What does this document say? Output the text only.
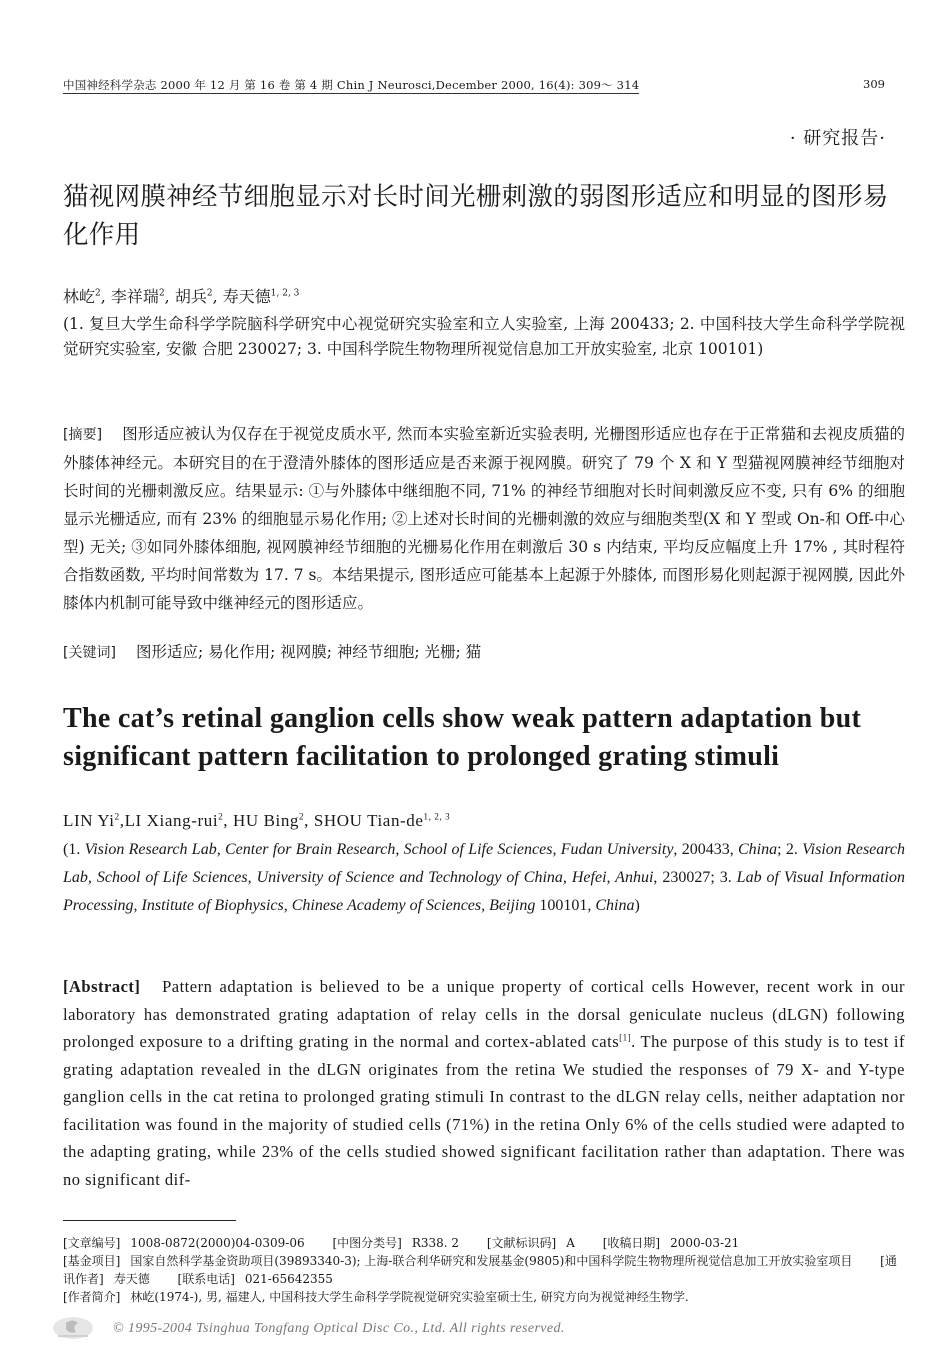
中国神经科学杂志 2000 年 12 月 第 16 卷 第 4 期 Chin J Neurosci,December 2000, 16(4): 309～ 314	309
· 研究报告·
猫视网膜神经节细胞显示对长时间光栅刺激的弱图形适应和明显的图形易化作用
林屹$^2$, 李祥瑞$^2$, 胡兵$^2$, 寿天德$^{1, 2, 3}$
(1. 复旦大学生命科学学院脑科学研究中心视觉研究实验室和立人实验室, 上海 200433; 2. 中国科技大学生命科学学院视觉研究实验室, 安徽 合肥 230027; 3. 中国科学院生物物理所视觉信息加工开放实验室, 北京 100101)
[摘要] 图形适应被认为仅存在于视觉皮质水平, 然而本实验室新近实验表明, 光栅图形适应也存在于正常猫和去视皮质猫的外膝体神经元。本研究目的在于澄清外膝体的图形适应是否来源于视网膜。研究了 79 个 X 和 Y 型猫视网膜神经节细胞对长时间的光栅刺激反应。结果显示: ①与外膝体中继细胞不同, 71% 的神经节细胞对长时间刺激反应不变, 只有 6% 的细胞显示光栅适应, 而有 23% 的细胞显示易化作用; ②上述对长时间的光栅刺激的效应与细胞类型(X 和 Y 型或 On-和 Off-中心型) 无关; ③如同外膝体细胞, 视网膜神经节细胞的光栅易化作用在刺激后 30 s 内结束, 平均反应幅度上升 17% , 其时程符合指数函数, 平均时间常数为 17. 7 s。本结果提示, 图形适应可能基本上起源于外膝体, 而图形易化则起源于视网膜, 因此外膝体内机制可能导致中继神经元的图形适应。
[关键词] 图形适应; 易化作用; 视网膜; 神经节细胞; 光栅; 猫
The cat’s retinal ganglion cells show weak pattern adaptation but significant pattern facilitation to prolonged grating stimuli
LIN Yi$^2$,LI Xiang-rui$^2$, HU Bing$^2$, SHOU Tian-de$^{1, 2, 3}$
(1. Vision Research Lab, Center for Brain Research, School of Life Sciences, Fudan University, 200433, China; 2. Vision Research Lab, School of Life Sciences, University of Science and Technology of China, Hefei, Anhui, 230027; 3. Lab of Visual Information Processing, Institute of Biophysics, Chinese Academy of Sciences, Beijing 100101, China)
[Abstract] Pattern adaptation is believed to be a unique property of cortical cells However, recent work in our laboratory has demonstrated grating adaptation of relay cells in the dorsal geniculate nucleus (dLGN) following prolonged exposure to a drifting grating in the normal and cortex-ablated cats[1]. The purpose of this study is to test if grating adaptation revealed in the dLGN originates from the retina We studied the responses of 79 X- and Y-type ganglion cells in the cat retina to prolonged grating stimuli In contrast to the dLGN relay cells, neither adaptation nor facilitation was found in the majority of studied cells (71%) in the retina Only 6% of the cells studied were adapted to the adapting grating, while 23% of the cells studied showed significant facilitation rather than adaptation. There was no significant dif-
[文章编号] 1008-0872(2000)04-0309-06 [中图分类号] R338. 2 [文献标识码] A [收稿日期] 2000-03-21
[基金项目] 国家自然科学基金资助项目(39893340-3); 上海-联合利华研究和发展基金(9805)和中国科学院生物物理所视觉信息加工开放实验室项目 [通讯作者] 寿天德 [联系电话] 021-65642355
[作者简介] 林屹(1974-), 男, 福建人, 中国科技大学生命科学学院视觉研究实验室硕士生, 研究方向为视觉神经生物学.
© 1995-2004 Tsinghua Tongfang Optical Disc Co., Ltd. All rights reserved.
